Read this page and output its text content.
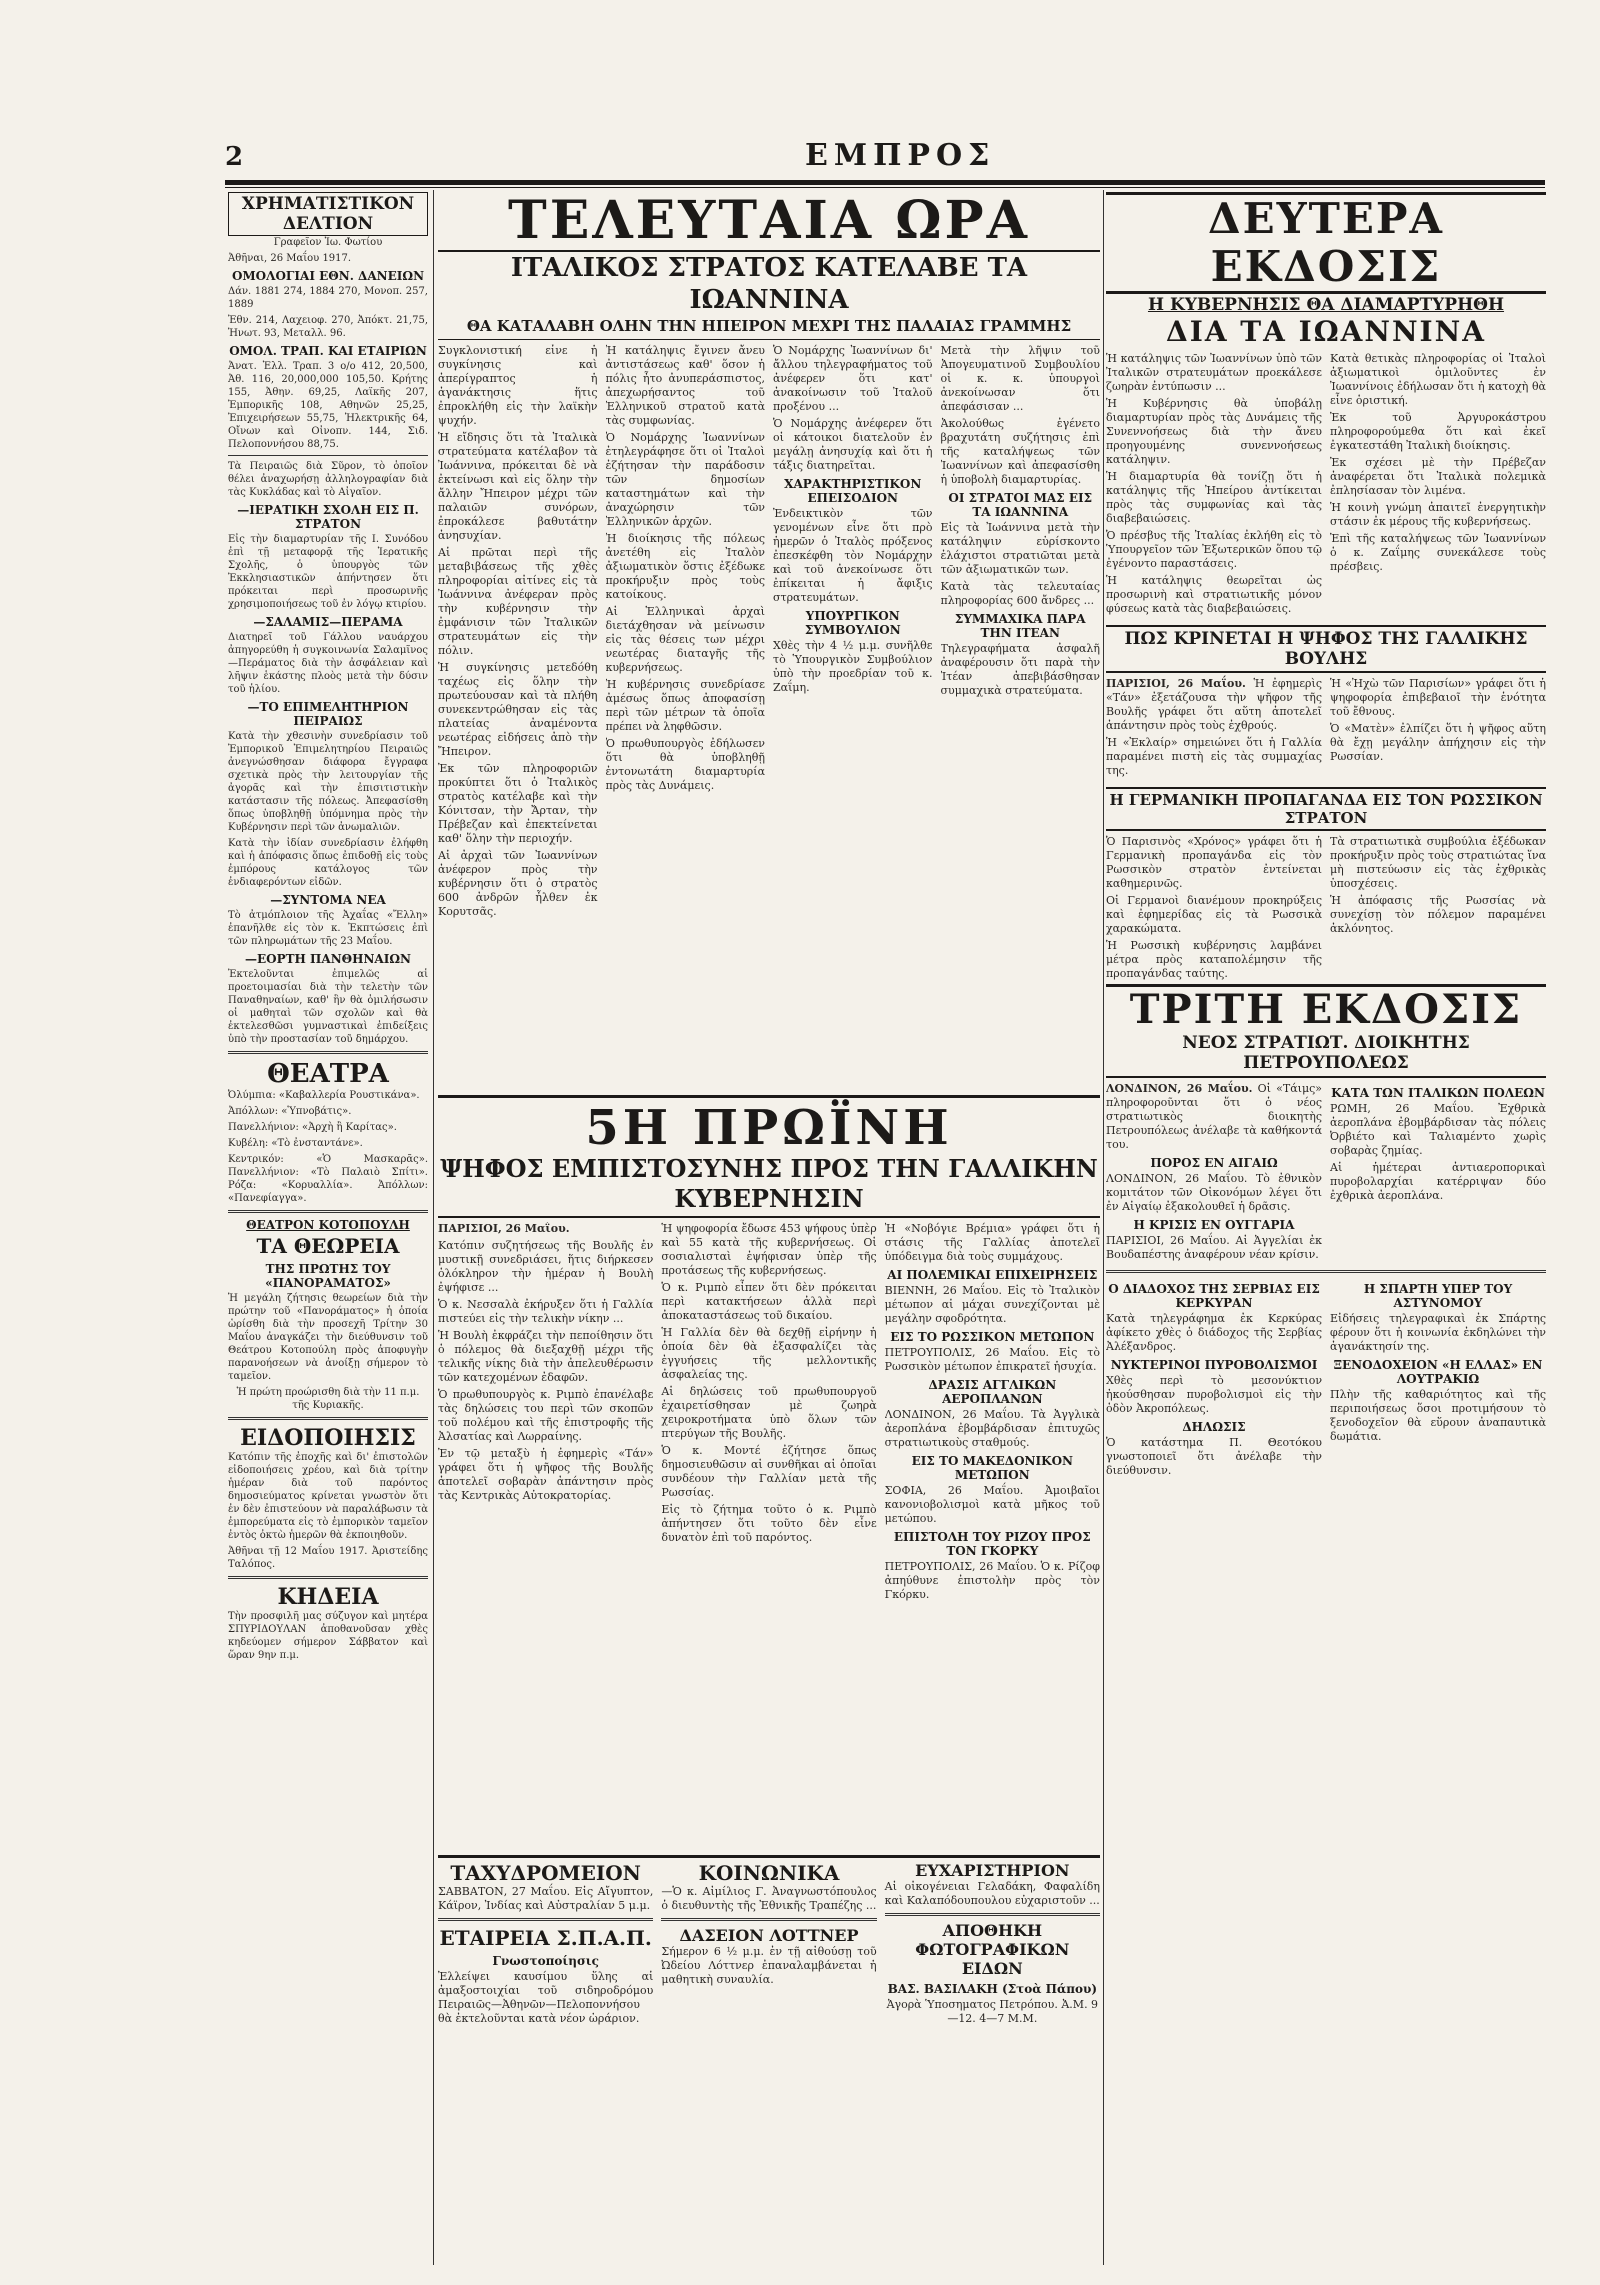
2	ΕΜΠΡΟΣ
ΧΡΗΜΑΤΙΣΤΙΚΟΝ ΔΕΛΤΙΟΝ
Γραφεῖον Ἰω. Φωτίου
Ἀθῆναι, 26 Μαΐου 1917.
ΟΜΟΛΟΓΙΑΙ ΕΘΝ. ΔΑΝΕΙΩΝ
Δάν. 1881 274, 1884 270, Μονοπ. 257, 1889
Ἐθν. 214, Λαχειοφ. 270, Ἀπόκτ. 21,75, Ἡνωτ. 93, Μεταλλ. 96.
ΟΜΟΛ. ΤΡΑΠ. ΚΑΙ ΕΤΑΙΡΙΩΝ
Ἀνατ. Ἑλλ. Τραπ. 3 ο/ο 412, 20,500, Ἀθ. 116, 20,000,000 105,50. Κρήτης 155, Ἀθην. 69,25, Λαϊκῆς 207, Ἐμπορικῆς 108, Αθηνῶν 25,25, Ἐπιχειρήσεων 55,75, Ἠλεκτρικῆς 64, Οἴνων καὶ Οἰνοπν. 144, Σιδ. Πελοποννήσου 88,75.
Τὰ Πειραιῶς διὰ Σῦρον, τὸ ὁποῖον θέλει ἀναχωρήσῃ ἀλληλογραφίαν διὰ τὰς Κυκλάδας καὶ τὸ Αἰγαῖον.
—ΙΕΡΑΤΙΚΗ ΣΧΟΛΗ ΕΙΣ Π. ΣΤΡΑΤΟΝ
Εἰς τὴν διαμαρτυρίαν τῆς Ι. Συνόδου ἐπὶ τῇ μεταφορᾷ τῆς Ἱερατικῆς Σχολῆς, ὁ ὑπουργὸς τῶν Ἐκκλησιαστικῶν ἀπήντησεν ὅτι πρόκειται περὶ προσωρινῆς χρησιμοποιήσεως τοῦ ἐν λόγῳ κτιρίου.
—ΣΑΛΑΜΙΣ—ΠΕΡΑΜΑ
Διατηρεῖ τοῦ Γάλλου ναυάρχου ἀπηγορεύθη ἡ συγκοινωνία Σαλαμῖνος—Περάματος διὰ τὴν ἀσφάλειαν καὶ λῆψιν ἑκάστης πλοὸς μετὰ τὴν δύσιν τοῦ ἡλίου.
—ΤΟ ΕΠΙΜΕΛΗΤΗΡΙΟΝ ΠΕΙΡΑΙΩΣ
Κατὰ τὴν χθεσινὴν συνεδρίασιν τοῦ Ἐμπορικοῦ Ἐπιμελητηρίου Πειραιῶς ἀνεγνώσθησαν διάφορα ἔγγραφα σχετικὰ πρὸς τὴν λειτουργίαν τῆς ἀγορᾶς καὶ τὴν ἐπισιτιστικὴν κατάστασιν τῆς πόλεως. Ἀπεφασίσθη ὅπως ὑποβληθῇ ὑπόμνημα πρὸς τὴν Κυβέρνησιν περὶ τῶν ἀνωμαλιῶν.
Κατὰ τὴν ἰδίαν συνεδρίασιν ἐλήφθη καὶ ἡ ἀπόφασις ὅπως ἐπιδοθῇ εἰς τοὺς ἐμπόρους κατάλογος τῶν ἐνδιαφερόντων εἰδῶν.
—ΣΥΝΤΟΜΑ ΝΕΑ
Τὸ ἀτμόπλοιον τῆς Ἀχαΐας «Ἔλλη» ἐπανῆλθε εἰς τὸν κ. Ἐκπτώσεις ἐπὶ τῶν πληρωμάτων τῆς 23 Μαΐου.
—ΕΟΡΤΗ ΠΑΝΘΗΝΑΙΩΝ
Ἐκτελοῦνται ἐπιμελῶς αἱ προετοιμασίαι διὰ τὴν τελετὴν τῶν Παναθηναίων, καθ' ἣν θὰ ὁμιλήσωσιν οἱ μαθηταὶ τῶν σχολῶν καὶ θὰ ἐκτελεσθῶσι γυμναστικαὶ ἐπιδείξεις ὑπὸ τὴν προστασίαν τοῦ δημάρχου.
ΘΕΑΤΡΑ
Ὀλύμπια: «Καβαλλερία Ρουστικάνα».
Ἀπόλλων: «Ὑπνοβάτις».
Πανελλήνιον: «Ἀρχὴ ἢ Καρίτας».
Κυβέλη: «Τὸ ἐνσταντάνε».
Κεντρικόν: «Ὁ Μασκαρᾶς». Πανελλήνιον: «Τὸ Παλαιὸ Σπίτι». Ρόζα: «Κορυαλλία». Ἀπόλλων: «Πανεφίαγγα».
ΘΕΑΤΡΟΝ ΚΟΤΟΠΟΥΛΗ
ΤΑ ΘΕΩΡΕΙΑ
ΤΗΣ ΠΡΩΤΗΣ ΤΟΥ «ΠΑΝΟΡΑΜΑΤΟΣ»
Ἡ μεγάλη ζήτησις θεωρείων διὰ τὴν πρώτην τοῦ «Πανοράματος» ἡ ὁποία ὡρίσθη διὰ τὴν προσεχῆ Τρίτην 30 Μαΐου ἀναγκάζει τὴν διεύθυνσιν τοῦ Θεάτρου Κοτοπούλη πρὸς ἀποφυγὴν παρανοήσεων νὰ ἀνοίξῃ σήμερον τὸ ταμεῖον.
Ἡ πρώτη προώρισθη διὰ τὴν 11 π.μ. τῆς Κυριακῆς.
ΕΙΔΟΠΟΙΗΣΙΣ
Κατόπιν τῆς ἐποχῆς καὶ δι' ἐπιστολῶν εἰδοποιήσεις χρέου, καὶ διὰ τρίτην ἡμέραν διὰ τοῦ παρόντος δημοσιεύματος κρίνεται γνωστὸν ὅτι ἐν δὲν ἐπιστεύουν νὰ παραλάβωσιν τὰ ἐμπορεύματα εἰς τὸ ἐμπορικὸν ταμεῖον ἐντὸς ὀκτὼ ἡμερῶν θὰ ἐκποιηθοῦν.
Ἀθῆναι τῇ 12 Μαΐου 1917. Ἀριστείδης Ταλόπος.
ΚΗΔΕΙΑ
Τὴν προσφιλῆ μας σύζυγον καὶ μητέρα ΣΠΥΡΙΔΟΥΛΑΝ ἀποθανοῦσαν χθὲς κηδεύομεν σήμερον Σάββατον καὶ ὥραν 9ην π.μ.
ΤΕΛΕΥΤΑΙΑ ΩΡΑ
ΙΤΑΛΙΚΟΣ ΣΤΡΑΤΟΣ ΚΑΤΕΛΑΒΕ ΤΑ ΙΩΑΝΝΙΝΑ
ΘΑ ΚΑΤΑΛΑΒΗ ΟΛΗΝ ΤΗΝ ΗΠΕΙΡΟΝ ΜΕΧΡΙ ΤΗΣ ΠΑΛΑΙΑΣ ΓΡΑΜΜΗΣ
Συγκλονιστική εἶνε ἡ συγκίνησις καὶ ἀπερίγραπτος ἡ ἀγανάκτησις ἥτις ἐπροκλήθη εἰς τὴν λαϊκὴν ψυχήν.
Ἡ εἴδησις ὅτι τὰ Ἰταλικὰ στρατεύματα κατέλαβον τὰ Ἰωάννινα, πρόκειται δὲ νὰ ἐκτείνωσι καὶ εἰς ὅλην τὴν ἄλλην Ἤπειρον μέχρι τῶν παλαιῶν συνόρων, ἐπροκάλεσε βαθυτάτην ἀνησυχίαν.
Αἱ πρῶται περὶ τῆς μεταβιβάσεως τῆς χθὲς πληροφορίαι αἰτίνες εἰς τὰ Ἰωάννινα ἀνέφεραν πρὸς τὴν κυβέρνησιν τὴν ἐμφάνισιν τῶν Ἰταλικῶν στρατευμάτων εἰς τὴν πόλιν.
Ἡ συγκίνησις μετεδόθη ταχέως εἰς ὅλην τὴν πρωτεύουσαν καὶ τὰ πλήθη συνεκεντρώθησαν εἰς τὰς πλατείας ἀναμένοντα νεωτέρας εἰδήσεις ἀπὸ τὴν Ἤπειρον.
Ἐκ τῶν πληροφοριῶν προκύπτει ὅτι ὁ Ἰταλικὸς στρατὸς κατέλαβε καὶ τὴν Κόνιτσαν, τὴν Ἄρταν, τὴν Πρέβεζαν καὶ ἐπεκτείνεται καθ' ὅλην τὴν περιοχήν.
Αἱ ἀρχαὶ τῶν Ἰωαννίνων ἀνέφερον πρὸς τὴν κυβέρνησιν ὅτι ὁ στρατὸς 600 ἀνδρῶν ἦλθεν ἐκ Κορυτσᾶς.
Ἡ κατάληψις ἔγινεν ἄνευ ἀντιστάσεως καθ' ὅσον ἡ πόλις ἦτο ἀνυπεράσπιστος, ἀπεχωρήσαντος τοῦ Ἑλληνικοῦ στρατοῦ κατὰ τὰς συμφωνίας.
Ὁ Νομάρχης Ἰωαννίνων ἐτηλεγράφησε ὅτι οἱ Ἰταλοὶ ἐζήτησαν τὴν παράδοσιν τῶν δημοσίων καταστημάτων καὶ τὴν ἀναχώρησιν τῶν Ἑλληνικῶν ἀρχῶν.
Ἡ διοίκησις τῆς πόλεως ἀνετέθη εἰς Ἰταλὸν ἀξιωματικὸν ὅστις ἐξέδωκε προκήρυξιν πρὸς τοὺς κατοίκους.
Αἱ Ἑλληνικαὶ ἀρχαὶ διετάχθησαν νὰ μείνωσιν εἰς τὰς θέσεις των μέχρι νεωτέρας διαταγῆς τῆς κυβερνήσεως.
Ἡ κυβέρνησις συνεδρίασε ἀμέσως ὅπως ἀποφασίσῃ περὶ τῶν μέτρων τὰ ὁποῖα πρέπει νὰ ληφθῶσιν.
Ὁ πρωθυπουργὸς ἐδήλωσεν ὅτι θὰ ὑποβληθῇ ἐντονωτάτη διαμαρτυρία πρὸς τὰς Δυνάμεις.
Ὁ Νομάρχης Ἰωαννίνων δι' ἄλλου τηλεγραφήματος τοῦ ἀνέφερεν ὅτι κατ' ἀνακοίνωσιν τοῦ Ἰταλοῦ προξένου ...
Ὁ Νομάρχης ἀνέφερεν ὅτι οἱ κάτοικοι διατελοῦν ἐν μεγάλῃ ἀνησυχίᾳ καὶ ὅτι ἡ τάξις διατηρεῖται.
ΧΑΡΑΚΤΗΡΙΣΤΙΚΟΝ ΕΠΕΙΣΟΔΙΟΝ
Ἐνδεικτικὸν τῶν γενομένων εἶνε ὅτι πρὸ ἡμερῶν ὁ Ἰταλὸς πρόξενος ἐπεσκέφθη τὸν Νομάρχην καὶ τοῦ ἀνεκοίνωσε ὅτι ἐπίκειται ἡ ἄφιξις στρατευμάτων.
ΥΠΟΥΡΓΙΚΟΝ ΣΥΜΒΟΥΛΙΟΝ
Χθὲς τὴν 4 ½ μ.μ. συνῆλθε τὸ Ὑπουργικὸν Συμβούλιον ὑπὸ τὴν προεδρίαν τοῦ κ. Ζαΐμη.
Μετὰ τὴν λῆψιν τοῦ Ἀπογευματινοῦ Συμβουλίου οἱ κ. κ. ὑπουργοὶ ἀνεκοίνωσαν ὅτι ἀπεφάσισαν ...
Ἀκολούθως ἐγένετο βραχυτάτη συζήτησις ἐπὶ τῆς καταλήψεως τῶν Ἰωαννίνων καὶ ἀπεφασίσθη ἡ ὑποβολὴ διαμαρτυρίας.
ΟΙ ΣΤΡΑΤΟΙ ΜΑΣ ΕΙΣ ΤΑ ΙΩΑΝΝΙΝΑ
Εἰς τὰ Ἰωάννινα μετὰ τὴν κατάληψιν εὑρίσκοντο ἐλάχιστοι στρατιῶται μετὰ τῶν ἀξιωματικῶν των.
Κατὰ τὰς τελευταίας πληροφορίας 600 ἄνδρες ...
ΣΥΜΜΑΧΙΚΑ ΠΑΡΑ ΤΗΝ ΙΤΕΑΝ
Τηλεγραφήματα ἀσφαλῆ ἀναφέρουσιν ὅτι παρὰ τὴν Ἰτέαν ἀπεβιβάσθησαν συμμαχικὰ στρατεύματα.
5Η ΠΡΩΪΝΗ
ΨΗΦΟΣ ΕΜΠΙΣΤΟΣΥΝΗΣ ΠΡΟΣ ΤΗΝ ΓΑΛΛΙΚΗΝ ΚΥΒΕΡΝΗΣΙΝ
ΠΑΡΙΣΙΟΙ, 26 Μαΐου.
Κατόπιν συζητήσεως τῆς Βουλῆς ἐν μυστικῇ συνεδριάσει, ἥτις διήρκεσεν ὁλόκληρον τὴν ἡμέραν ἡ Βουλὴ ἐψήφισε ...
Ὁ κ. Νεσσαλὰ ἐκήρυξεν ὅτι ἡ Γαλλία πιστεύει εἰς τὴν τελικὴν νίκην ...
Ἡ Βουλὴ ἐκφράζει τὴν πεποίθησιν ὅτι ὁ πόλεμος θὰ διεξαχθῇ μέχρι τῆς τελικῆς νίκης διὰ τὴν ἀπελευθέρωσιν τῶν κατεχομένων ἐδαφῶν.
Ὁ πρωθυπουργὸς κ. Ριμπὸ ἐπανέλαβε τὰς δηλώσεις του περὶ τῶν σκοπῶν τοῦ πολέμου καὶ τῆς ἐπιστροφῆς τῆς Ἀλσατίας καὶ Λωρραίνης.
Ἐν τῷ μεταξὺ ἡ ἐφημερὶς «Τάν» γράφει ὅτι ἡ ψῆφος τῆς Βουλῆς ἀποτελεῖ σοβαρὰν ἀπάντησιν πρὸς τὰς Κεντρικὰς Αὐτοκρατορίας.
Ἡ ψηφοφορία ἔδωσε 453 ψήφους ὑπὲρ καὶ 55 κατὰ τῆς κυβερνήσεως. Οἱ σοσιαλισταὶ ἐψήφισαν ὑπὲρ τῆς προτάσεως τῆς κυβερνήσεως.
Ὁ κ. Ριμπὸ εἶπεν ὅτι δὲν πρόκειται περὶ κατακτήσεων ἀλλὰ περὶ ἀποκαταστάσεως τοῦ δικαίου.
Ἡ Γαλλία δὲν θὰ δεχθῇ εἰρήνην ἡ ὁποία δὲν θὰ ἐξασφαλίζει τὰς ἐγγυήσεις τῆς μελλοντικῆς ἀσφαλείας της.
Αἱ δηλώσεις τοῦ πρωθυπουργοῦ ἐχαιρετίσθησαν μὲ ζωηρὰ χειροκροτήματα ὑπὸ ὅλων τῶν πτερύγων τῆς Βουλῆς.
Ὁ κ. Μοντέ ἐζήτησε ὅπως δημοσιευθῶσιν αἱ συνθῆκαι αἱ ὁποῖαι συνδέουν τὴν Γαλλίαν μετὰ τῆς Ρωσσίας.
Εἰς τὸ ζήτημα τοῦτο ὁ κ. Ριμπὸ ἀπήντησεν ὅτι τοῦτο δὲν εἶνε δυνατὸν ἐπὶ τοῦ παρόντος.
Ἡ «Νοβόγιε Βρέμια» γράφει ὅτι ἡ στάσις τῆς Γαλλίας ἀποτελεῖ ὑπόδειγμα διὰ τοὺς συμμάχους.
ΑΙ ΠΟΛΕΜΙΚΑΙ ΕΠΙΧΕΙΡΗΣΕΙΣ
ΒΙΕΝΝΗ, 26 Μαΐου. Εἰς τὸ Ἰταλικὸν μέτωπον αἱ μάχαι συνεχίζονται μὲ μεγάλην σφοδρότητα.
ΕΙΣ ΤΟ ΡΩΣΣΙΚΟΝ ΜΕΤΩΠΟΝ
ΠΕΤΡΟΥΠΟΛΙΣ, 26 Μαΐου. Εἰς τὸ Ρωσσικὸν μέτωπον ἐπικρατεῖ ἡσυχία.
ΔΡΑΣΙΣ ΑΓΓΛΙΚΩΝ ΑΕΡΟΠΛΑΝΩΝ
ΛΟΝΔΙΝΟΝ, 26 Μαΐου. Τὰ Ἀγγλικὰ ἀεροπλάνα ἐβομβάρδισαν ἐπιτυχῶς στρατιωτικοὺς σταθμούς.
ΕΙΣ ΤΟ ΜΑΚΕΔΟΝΙΚΟΝ ΜΕΤΩΠΟΝ
ΣΟΦΙΑ, 26 Μαΐου. Ἀμοιβαῖοι κανονιοβολισμοὶ κατὰ μῆκος τοῦ μετώπου.
ΕΠΙΣΤΟΛΗ ΤΟΥ ΡΙΖΟΥ ΠΡΟΣ ΤΟΝ ΓΚΟΡΚΥ
ΠΕΤΡΟΥΠΟΛΙΣ, 26 Μαΐου. Ὁ κ. Ρίζοφ ἀπηύθυνε ἐπιστολὴν πρὸς τὸν Γκόρκυ.
ΤΑΧΥΔΡΟΜΕΙΟΝ
ΣΑΒΒΑΤΟΝ, 27 Μαΐου. Εἰς Αἴγυπτον, Κάϊρον, Ἰνδίας καὶ Αὐστραλίαν 5 μ.μ.
ΕΤΑΙΡΕΙΑ Σ.Π.Α.Π.
Γνωστοποίησις
Ἐλλείψει καυσίμου ὕλης αἱ ἀμαξοστοιχίαι τοῦ σιδηροδρόμου Πειραιῶς—Ἀθηνῶν—Πελοποννήσου θὰ ἐκτελοῦνται κατὰ νέον ὡράριον.
ΚΟΙΝΩΝΙΚΑ
—Ὁ κ. Αἰμίλιος Γ. Ἀναγνωστόπουλος ὁ διευθυντὴς τῆς Ἐθνικῆς Τραπέζης ...
ΔΑΣΕΙΟΝ ΛΟΤΤΝΕΡ
Σήμερον 6 ½ μ.μ. ἐν τῇ αἰθούσῃ τοῦ Ὠδείου Λόττνερ ἐπαναλαμβάνεται ἡ μαθητικὴ συναυλία.
ΕΥΧΑΡΙΣΤΗΡΙΟΝ
Αἱ οἰκογένειαι Γελαδάκη, Φαφαλίδη καὶ Καλαπόδουπουλου εὐχαριστοῦν ...
ΑΠΟΘΗΚΗ ΦΩΤΟΓΡΑΦΙΚΩΝ ΕΙΔΩΝ
ΒΑΣ. ΒΑΣΙΛΑΚΗ (Στοὰ Πάπου)
Ἀγορὰ Ὑποσηματος Πετρόπου. Ἀ.Μ. 9—12. 4—7 Μ.Μ.
ΔΕΥΤΕΡΑ ΕΚΔΟΣΙΣ
Η ΚΥΒΕΡΝΗΣΙΣ ΘΑ ΔΙΑΜΑΡΤΥΡΗΘΗ
ΔΙΑ ΤΑ ΙΩΑΝΝΙΝΑ
Ἡ κατάληψις τῶν Ἰωαννίνων ὑπὸ τῶν Ἰταλικῶν στρατευμάτων προεκάλεσε ζωηρὰν ἐντύπωσιν ...
Ἡ Κυβέρνησις θὰ ὑποβάλῃ διαμαρτυρίαν πρὸς τὰς Δυνάμεις τῆς Συνεννοήσεως διὰ τὴν ἄνευ προηγουμένης συνεννοήσεως κατάληψιν.
Ἡ διαμαρτυρία θὰ τονίζῃ ὅτι ἡ κατάληψις τῆς Ἠπείρου ἀντίκειται πρὸς τὰς συμφωνίας καὶ τὰς διαβεβαιώσεις.
Ὁ πρέσβυς τῆς Ἰταλίας ἐκλήθη εἰς τὸ Ὑπουργεῖον τῶν Ἐξωτερικῶν ὅπου τῷ ἐγένοντο παραστάσεις.
Ἡ κατάληψις θεωρεῖται ὡς προσωρινὴ καὶ στρατιωτικῆς μόνον φύσεως κατὰ τὰς διαβεβαιώσεις.
Κατὰ θετικὰς πληροφορίας οἱ Ἰταλοὶ ἀξιωματικοὶ ὁμιλοῦντες ἐν Ἰωαννίνοις ἐδήλωσαν ὅτι ἡ κατοχὴ θὰ εἶνε ὁριστική.
Ἐκ τοῦ Ἀργυροκάστρου πληροφορούμεθα ὅτι καὶ ἐκεῖ ἐγκατεστάθη Ἰταλικὴ διοίκησις.
Ἐκ σχέσει μὲ τὴν Πρέβεζαν ἀναφέρεται ὅτι Ἰταλικὰ πολεμικὰ ἐπλησίασαν τὸν λιμένα.
Ἡ κοινὴ γνώμη ἀπαιτεῖ ἐνεργητικὴν στάσιν ἐκ μέρους τῆς κυβερνήσεως.
Ἐπὶ τῆς καταλήψεως τῶν Ἰωαννίνων ὁ κ. Ζαΐμης συνεκάλεσε τοὺς πρέσβεις.
ΠΩΣ ΚΡΙΝΕΤΑΙ Η ΨΗΦΟΣ ΤΗΣ ΓΑΛΛΙΚΗΣ ΒΟΥΛΗΣ
ΠΑΡΙΣΙΟΙ, 26 Μαΐου. Ἡ ἐφημερὶς «Τάν» ἐξετάζουσα τὴν ψῆφον τῆς Βουλῆς γράφει ὅτι αὕτη ἀποτελεῖ ἀπάντησιν πρὸς τοὺς ἐχθρούς.
Ἡ «Ἐκλαίρ» σημειώνει ὅτι ἡ Γαλλία παραμένει πιστὴ εἰς τὰς συμμαχίας της.
Ἡ «Ἠχὼ τῶν Παρισίων» γράφει ὅτι ἡ ψηφοφορία ἐπιβεβαιοῖ τὴν ἑνότητα τοῦ ἔθνους.
Ὁ «Ματὲν» ἐλπίζει ὅτι ἡ ψῆφος αὕτη θὰ ἔχῃ μεγάλην ἀπήχησιν εἰς τὴν Ρωσσίαν.
Η ΓΕΡΜΑΝΙΚΗ ΠΡΟΠΑΓΑΝΔΑ ΕΙΣ ΤΟΝ ΡΩΣΣΙΚΟΝ ΣΤΡΑΤΟΝ
Ὁ Παρισινὸς «Χρόνος» γράφει ὅτι ἡ Γερμανικὴ προπαγάνδα εἰς τὸν Ρωσσικὸν στρατὸν ἐντείνεται καθημερινῶς.
Οἱ Γερμανοὶ διανέμουν προκηρύξεις καὶ ἐφημερίδας εἰς τὰ Ρωσσικὰ χαρακώματα.
Ἡ Ρωσσικὴ κυβέρνησις λαμβάνει μέτρα πρὸς καταπολέμησιν τῆς προπαγάνδας ταύτης.
Τὰ στρατιωτικὰ συμβούλια ἐξέδωκαν προκήρυξιν πρὸς τοὺς στρατιώτας ἵνα μὴ πιστεύωσιν εἰς τὰς ἐχθρικὰς ὑποσχέσεις.
Ἡ ἀπόφασις τῆς Ρωσσίας νὰ συνεχίσῃ τὸν πόλεμον παραμένει ἀκλόνητος.
ΤΡΙΤΗ ΕΚΔΟΣΙΣ
ΝΕΟΣ ΣΤΡΑΤΙΩΤ. ΔΙΟΙΚΗΤΗΣ ΠΕΤΡΟΥΠΟΛΕΩΣ
ΛΟΝΔΙΝΟΝ, 26 Μαΐου. Οἱ «Τάιμς» πληροφοροῦνται ὅτι ὁ νέος στρατιωτικὸς διοικητὴς Πετρουπόλεως ἀνέλαβε τὰ καθήκοντά του.
ΠΟΡΟΣ ΕΝ ΑΙΓΑΙΩ
ΛΟΝΔΙΝΟΝ, 26 Μαΐου. Τὸ ἐθνικὸν κομιτάτον τῶν Οἰκονόμων λέγει ὅτι ἐν Αἰγαίῳ ἐξακολουθεῖ ἡ δρᾶσις.
Η ΚΡΙΣΙΣ ΕΝ ΟΥΓΓΑΡΙΑ
ΠΑΡΙΣΙΟΙ, 26 Μαΐου. Αἱ Ἀγγελίαι ἐκ Βουδαπέστης ἀναφέρουν νέαν κρίσιν.
ΚΑΤΑ ΤΩΝ ΙΤΑΛΙΚΩΝ ΠΟΛΕΩΝ
ΡΩΜΗ, 26 Μαΐου. Ἐχθρικὰ ἀεροπλάνα ἐβομβάρδισαν τὰς πόλεις Ὀρβιέτο καὶ Ταλιαμέντο χωρὶς σοβαρὰς ζημίας.
Αἱ ἡμέτεραι ἀντιαεροπορικαὶ πυροβολαρχίαι κατέρριψαν δύο ἐχθρικὰ ἀεροπλάνα.
Ο ΔΙΑΔΟΧΟΣ ΤΗΣ ΣΕΡΒΙΑΣ ΕΙΣ ΚΕΡΚΥΡΑΝ
Κατὰ τηλεγράφημα ἐκ Κερκύρας ἀφίκετο χθὲς ὁ διάδοχος τῆς Σερβίας Ἀλέξανδρος.
ΝΥΚΤΕΡΙΝΟΙ ΠΥΡΟΒΟΛΙΣΜΟΙ
Χθὲς περὶ τὸ μεσονύκτιον ἠκούσθησαν πυροβολισμοὶ εἰς τὴν ὁδὸν Ἀκροπόλεως.
ΔΗΛΩΣΙΣ
Ὁ κατάστημα Π. Θεοτόκου γνωστοποιεῖ ὅτι ἀνέλαβε τὴν διεύθυνσιν.
Η ΣΠΑΡΤΗ ΥΠΕΡ ΤΟΥ ΑΣΤΥΝΟΜΟΥ
Εἰδήσεις τηλεγραφικαὶ ἐκ Σπάρτης φέρουν ὅτι ἡ κοινωνία ἐκδηλώνει τὴν ἀγανάκτησίν της.
ΞΕΝΟΔΟΧΕΙΟΝ «Η ΕΛΛΑΣ» ΕΝ ΛΟΥΤΡΑΚΙΩ
Πλὴν τῆς καθαριότητος καὶ τῆς περιποιήσεως ὅσοι προτιμήσουν τὸ ξενοδοχεῖον θὰ εὕρουν ἀναπαυτικὰ δωμάτια.
